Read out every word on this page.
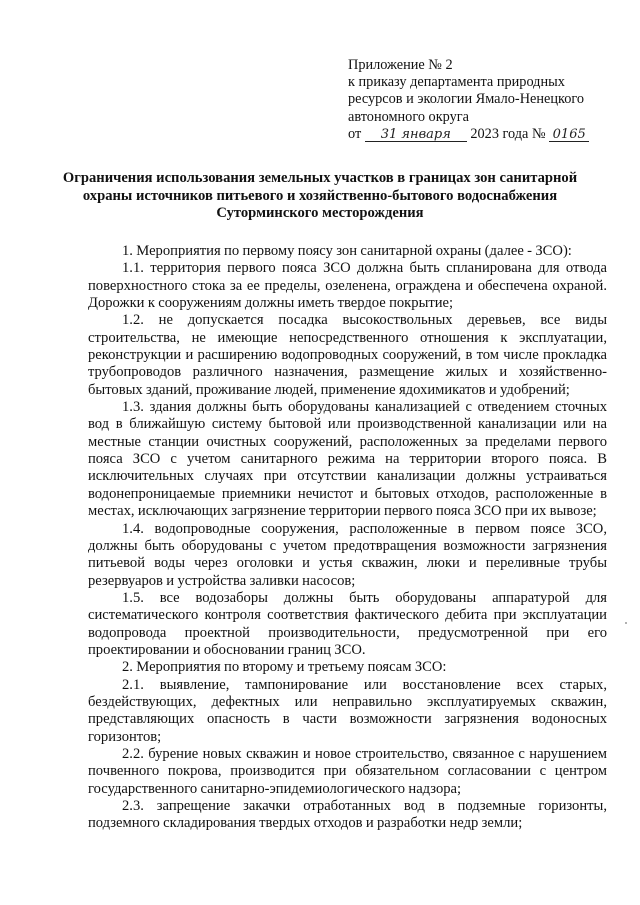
Приложение № 2
к приказу департамента природных
ресурсов и экологии Ямало-Ненецкого
автономного округа
от 31 января 2023 года № 0165
Ограничения использования земельных участков в границах зон санитарной охраны источников питьевого и хозяйственно-бытового водоснабжения Суторминского месторождения

1. Мероприятия по первому поясу зон санитарной охраны (далее - ЗСО):

1.1. территория первого пояса ЗСО должна быть спланирована для отвода поверхностного стока за ее пределы, озеленена, ограждена и обеспечена охраной. Дорожки к сооружениям должны иметь твердое покрытие;

1.2. не допускается посадка высокоствольных деревьев, все виды строительства, не имеющие непосредственного отношения к эксплуатации, реконструкции и расширению водопроводных сооружений, в том числе прокладка трубопроводов различного назначения, размещение жилых и хозяйственно-бытовых зданий, проживание людей, применение ядохимикатов и удобрений;

1.3. здания должны быть оборудованы канализацией с отведением сточных вод в ближайшую систему бытовой или производственной канализации или на местные станции очистных сооружений, расположенных за пределами первого пояса ЗСО с учетом санитарного режима на территории второго пояса. В исключительных случаях при отсутствии канализации должны устраиваться водонепроницаемые приемники нечистот и бытовых отходов, расположенные в местах, исключающих загрязнение территории первого пояса ЗСО при их вывозе;

1.4. водопроводные сооружения, расположенные в первом поясе ЗСО, должны быть оборудованы с учетом предотвращения возможности загрязнения питьевой воды через оголовки и устья скважин, люки и переливные трубы резервуаров и устройства заливки насосов;

1.5. все водозаборы должны быть оборудованы аппаратурой для систематического контроля соответствия фактического дебита при эксплуатации водопровода проектной производительности, предусмотренной при его проектировании и обосновании границ ЗСО.

2. Мероприятия по второму и третьему поясам ЗСО:

2.1. выявление, тампонирование или восстановление всех старых, бездействующих, дефектных или неправильно эксплуатируемых скважин, представляющих опасность в части возможности загрязнения водоносных горизонтов;

2.2. бурение новых скважин и новое строительство, связанное с нарушением почвенного покрова, производится при обязательном согласовании с центром государственного санитарно-эпидемиологического надзора;

2.3. запрещение закачки отработанных вод в подземные горизонты, подземного складирования твердых отходов и разработки недр земли;
